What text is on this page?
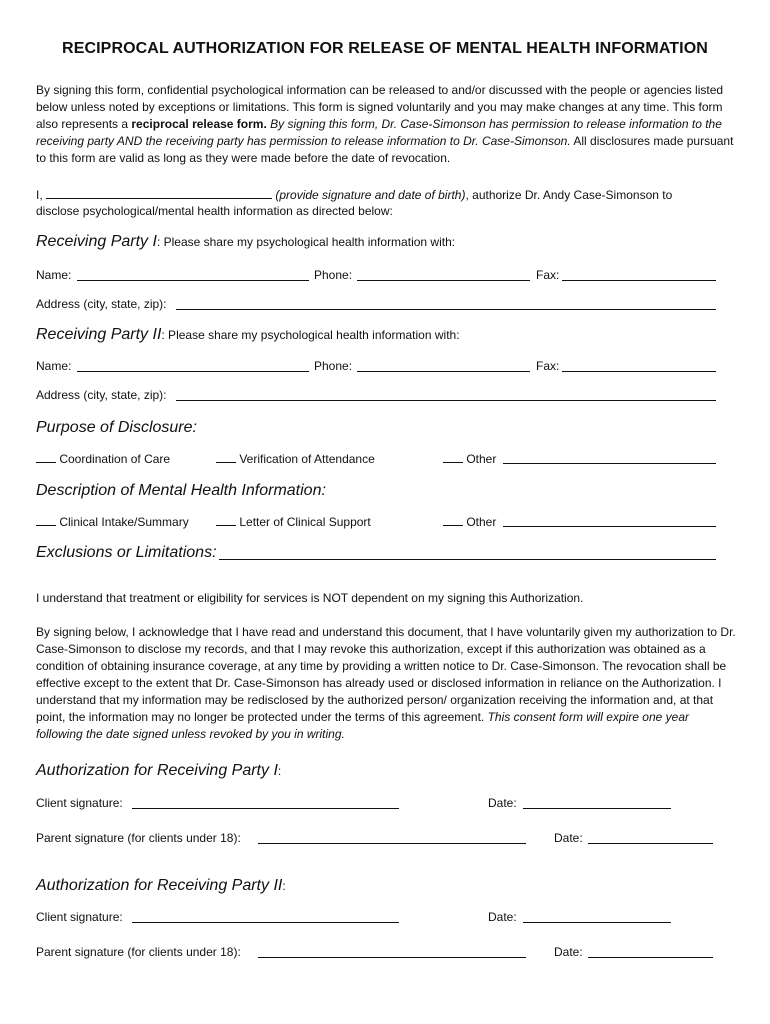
RECIPROCAL AUTHORIZATION FOR RELEASE OF MENTAL HEALTH INFORMATION
By signing this form, confidential psychological information can be released to and/or discussed with the people or agencies listed below unless noted by exceptions or limitations. This form is signed voluntarily and you may make changes at any time. This form also represents a reciprocal release form. By signing this form, Dr. Case-Simonson has permission to release information to the receiving party AND the receiving party has permission to release information to Dr. Case-Simonson. All disclosures made pursuant to this form are valid as long as they were made before the date of revocation.
I,	(provide signature and date of birth), authorize Dr. Andy Case-Simonson to
disclose psychological/mental health information as directed below:
Receiving Party I: Please share my psychological health information with:
Name:	Phone:	Fax:
Address (city, state, zip):
Receiving Party II: Please share my psychological health information with:
Name:	Phone:	Fax:
Address (city, state, zip):
Purpose of Disclosure:
Coordination of Care	Verification of Attendance	Other
Description of Mental Health Information:
Clinical Intake/Summary	Letter of Clinical Support	Other
Exclusions or Limitations:
I understand that treatment or eligibility for services is NOT dependent on my signing this Authorization.
By signing below, I acknowledge that I have read and understand this document, that I have voluntarily given my authorization to Dr. Case-Simonson to disclose my records, and that I may revoke this authorization, except if this authorization was obtained as a condition of obtaining insurance coverage, at any time by providing a written notice to Dr. Case-Simonson. The revocation shall be effective except to the extent that Dr. Case-Simonson has already used or disclosed information in reliance on the Authorization. I understand that my information may be redisclosed by the authorized person/ organization receiving the information and, at that point, the information may no longer be protected under the terms of this agreement. This consent form will expire one year following the date signed unless revoked by you in writing.
Authorization for Receiving Party I:
Client signature:	Date:
Parent signature (for clients under 18):	Date:
Authorization for Receiving Party II:
Client signature:	Date:
Parent signature (for clients under 18):	Date:
